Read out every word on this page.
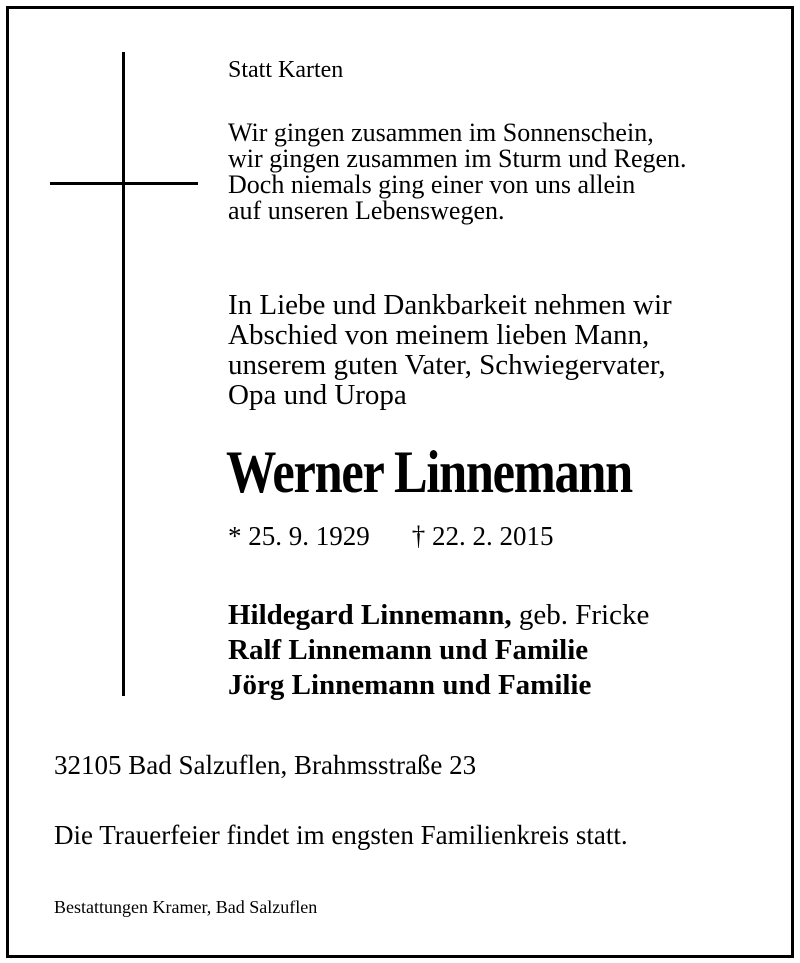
Statt Karten
Wir gingen zusammen im Sonnenschein,
wir gingen zusammen im Sturm und Regen.
Doch niemals ging einer von uns allein
auf unseren Lebenswegen.
In Liebe und Dankbarkeit nehmen wir
Abschied von meinem lieben Mann,
unserem guten Vater, Schwiegervater,
Opa und Uropa
Werner Linnemann
* 25. 9. 1929 † 22. 2. 2015
Hildegard Linnemann, geb. Fricke
Ralf Linnemann und Familie
Jörg Linnemann und Familie
32105 Bad Salzuflen, Brahmsstraße 23
Die Trauerfeier findet im engsten Familienkreis statt.
Bestattungen Kramer, Bad Salzuflen
